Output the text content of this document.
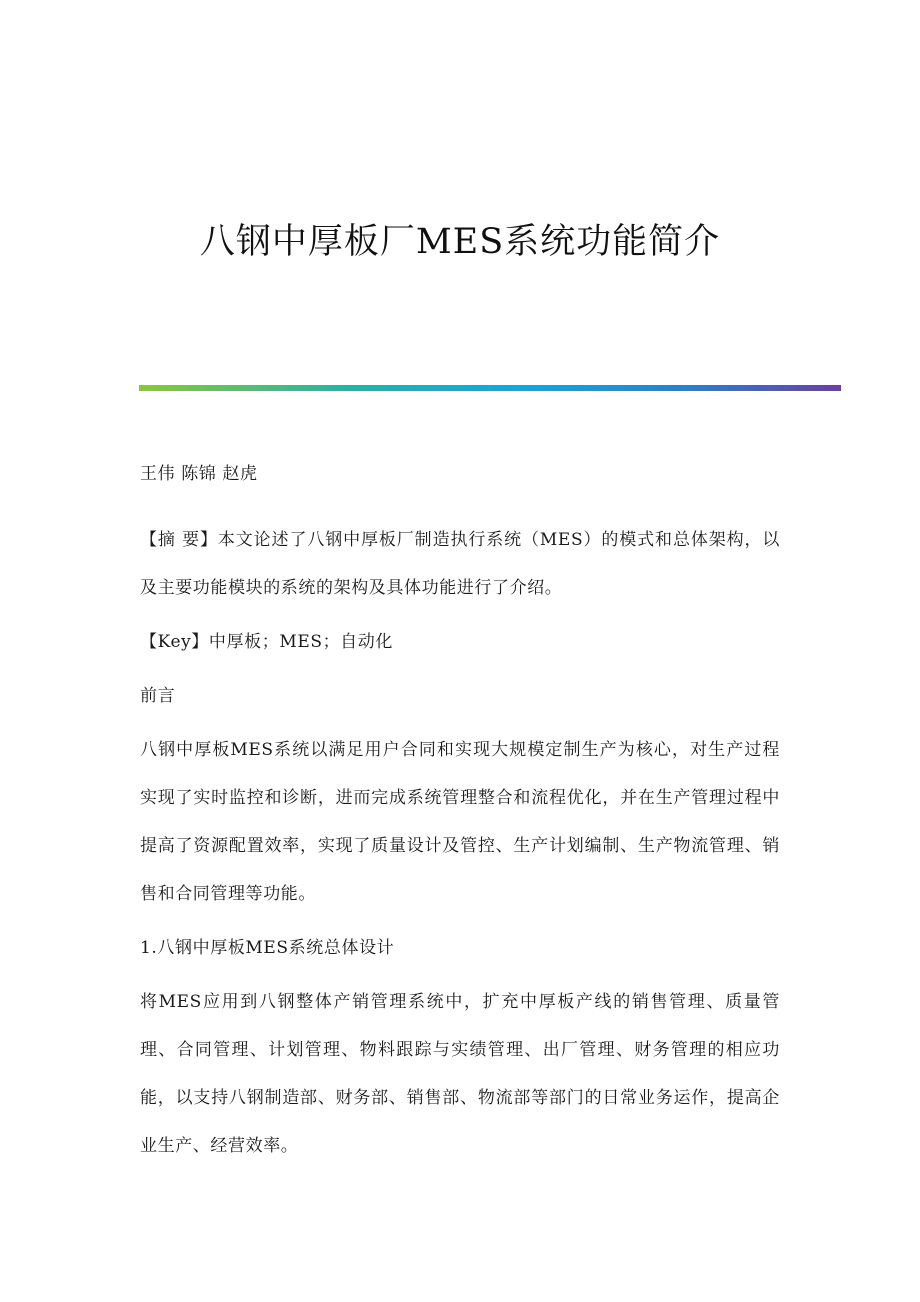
八钢中厚板厂MES系统功能简介

王伟 陈锦 赵虎

【摘 要】本文论述了八钢中厚板厂制造执行系统（MES）的模式和总体架构，以及主要功能模块的系统的架构及具体功能进行了介绍。

【Key】中厚板；MES；自动化

前言

八钢中厚板MES系统以满足用户合同和实现大规模定制生产为核心，对生产过程实现了实时监控和诊断，进而完成系统管理整合和流程优化，并在生产管理过程中提高了资源配置效率，实现了质量设计及管控、生产计划编制、生产物流管理、销售和合同管理等功能。

1.八钢中厚板MES系统总体设计

将MES应用到八钢整体产销管理系统中，扩充中厚板产线的销售管理、质量管理、合同管理、计划管理、物料跟踪与实绩管理、出厂管理、财务管理的相应功能，以支持八钢制造部、财务部、销售部、物流部等部门的日常业务运作，提高企业生产、经营效率。
